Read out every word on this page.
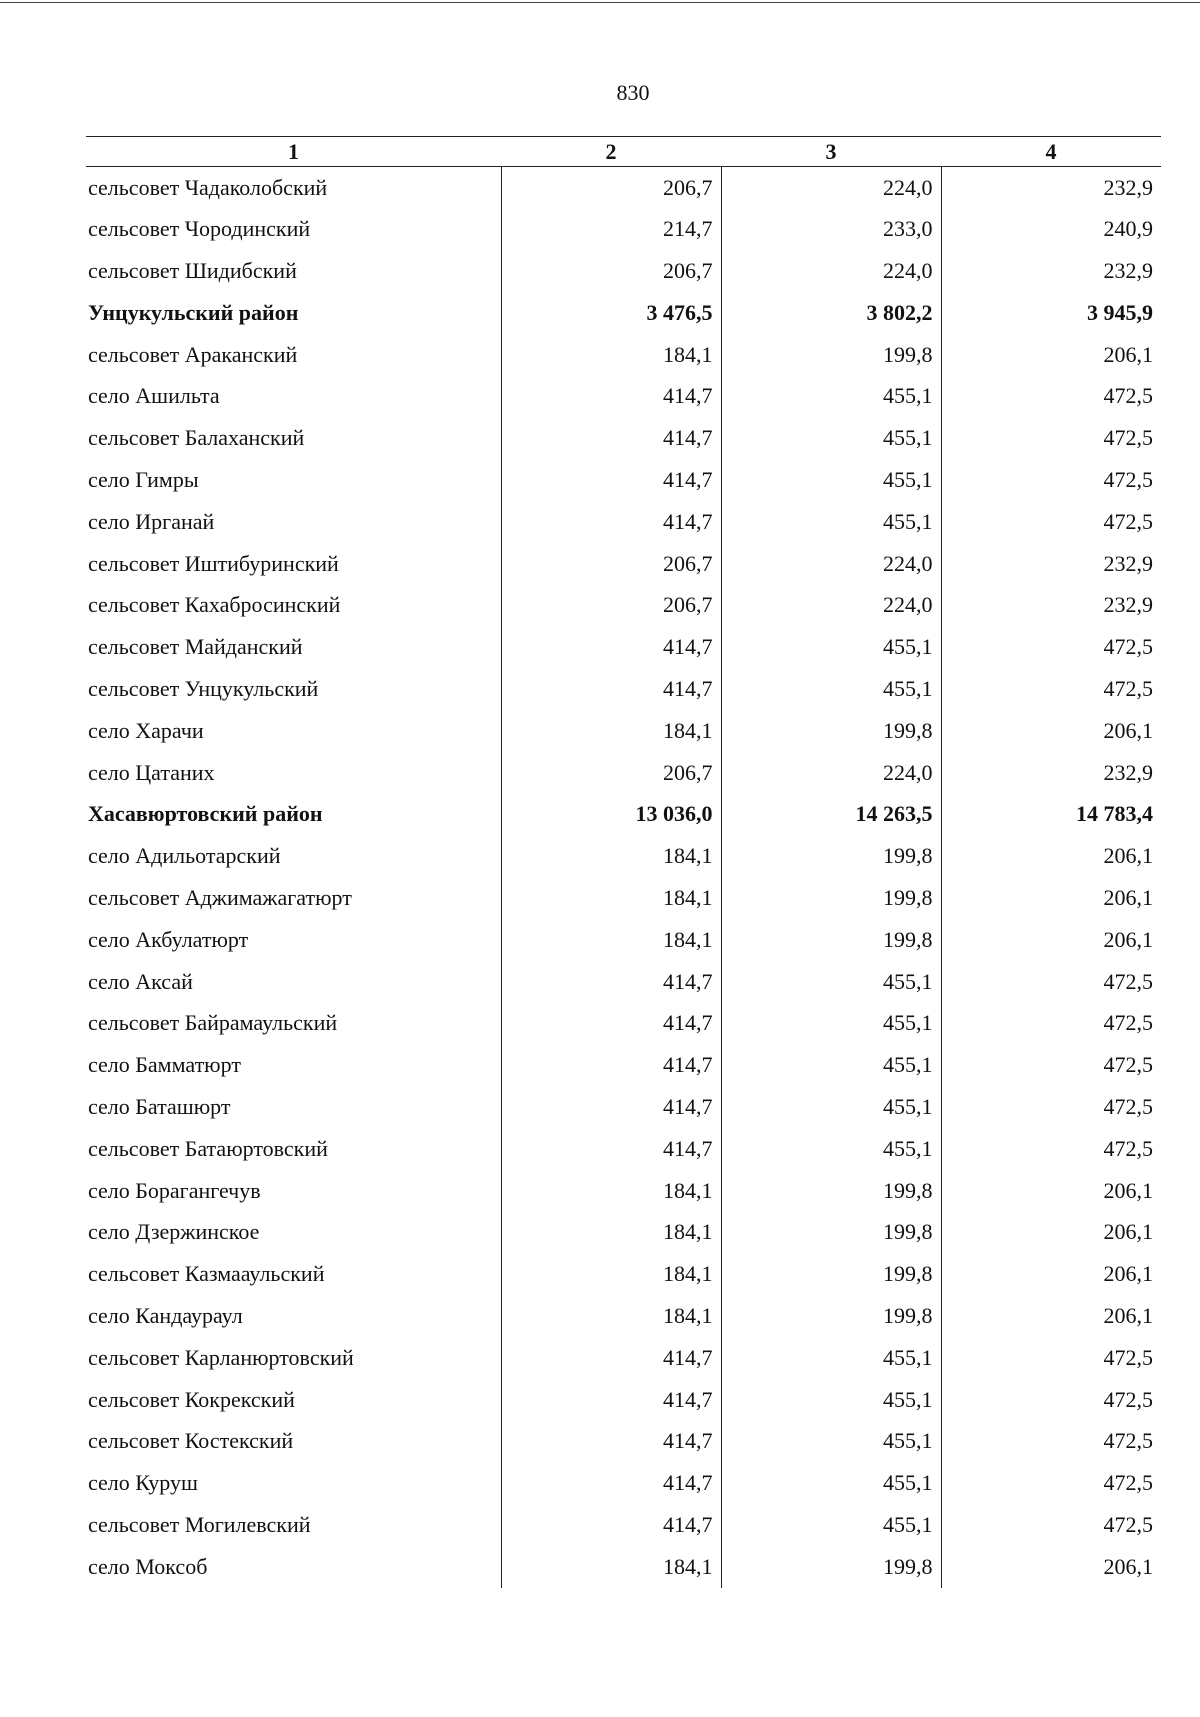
830
1	2	3	4
сельсовет Чадаколобский	206,7	224,0	232,9
сельсовет Чородинский	214,7	233,0	240,9
сельсовет Шидибский	206,7	224,0	232,9
Унцукульский район	3 476,5	3 802,2	3 945,9
сельсовет Араканский	184,1	199,8	206,1
село Ашильта	414,7	455,1	472,5
сельсовет Балаханский	414,7	455,1	472,5
село Гимры	414,7	455,1	472,5
село Ирганай	414,7	455,1	472,5
сельсовет Иштибуринский	206,7	224,0	232,9
сельсовет Кахабросинский	206,7	224,0	232,9
сельсовет Майданский	414,7	455,1	472,5
сельсовет Унцукульский	414,7	455,1	472,5
село Харачи	184,1	199,8	206,1
село Цатаних	206,7	224,0	232,9
Хасавюртовский район	13 036,0	14 263,5	14 783,4
село Адильотарский	184,1	199,8	206,1
сельсовет Аджимажагатюрт	184,1	199,8	206,1
село Акбулатюрт	184,1	199,8	206,1
село Аксай	414,7	455,1	472,5
сельсовет Байрамаульский	414,7	455,1	472,5
село Бамматюрт	414,7	455,1	472,5
село Баташюрт	414,7	455,1	472,5
сельсовет Батаюртовский	414,7	455,1	472,5
село Борагангечув	184,1	199,8	206,1
село Дзержинское	184,1	199,8	206,1
сельсовет Казмааульский	184,1	199,8	206,1
село Кандаураул	184,1	199,8	206,1
сельсовет Карланюртовский	414,7	455,1	472,5
сельсовет Кокрекский	414,7	455,1	472,5
сельсовет Костекский	414,7	455,1	472,5
село Куруш	414,7	455,1	472,5
сельсовет Могилевский	414,7	455,1	472,5
село Моксоб	184,1	199,8	206,1
